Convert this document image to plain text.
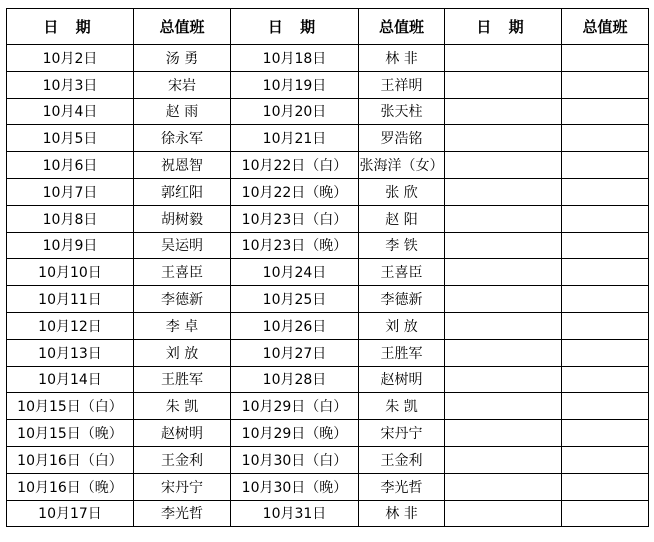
日 期	总值班	日 期	总值班	日 期	总值班
10月2日	汤 勇	10月18日	林 非		
10月3日	宋岩	10月19日	王祥明		
10月4日	赵 雨	10月20日	张天柱		
10月5日	徐永军	10月21日	罗浩铭		
10月6日	祝恩智	10月22日（白）	张海洋（女）		
10月7日	郭红阳	10月22日（晚）	张 欣		
10月8日	胡树毅	10月23日（白）	赵 阳		
10月9日	吴运明	10月23日（晚）	李 铁		
10月10日	王喜臣	10月24日	王喜臣		
10月11日	李德新	10月25日	李德新		
10月12日	李 卓	10月26日	刘 放		
10月13日	刘 放	10月27日	王胜军		
10月14日	王胜军	10月28日	赵树明		
10月15日（白）	朱 凯	10月29日（白）	朱 凯		
10月15日（晚）	赵树明	10月29日（晚）	宋丹宁		
10月16日（白）	王金利	10月30日（白）	王金利		
10月16日（晚）	宋丹宁	10月30日（晚）	李光哲		
10月17日	李光哲	10月31日	林 非		
